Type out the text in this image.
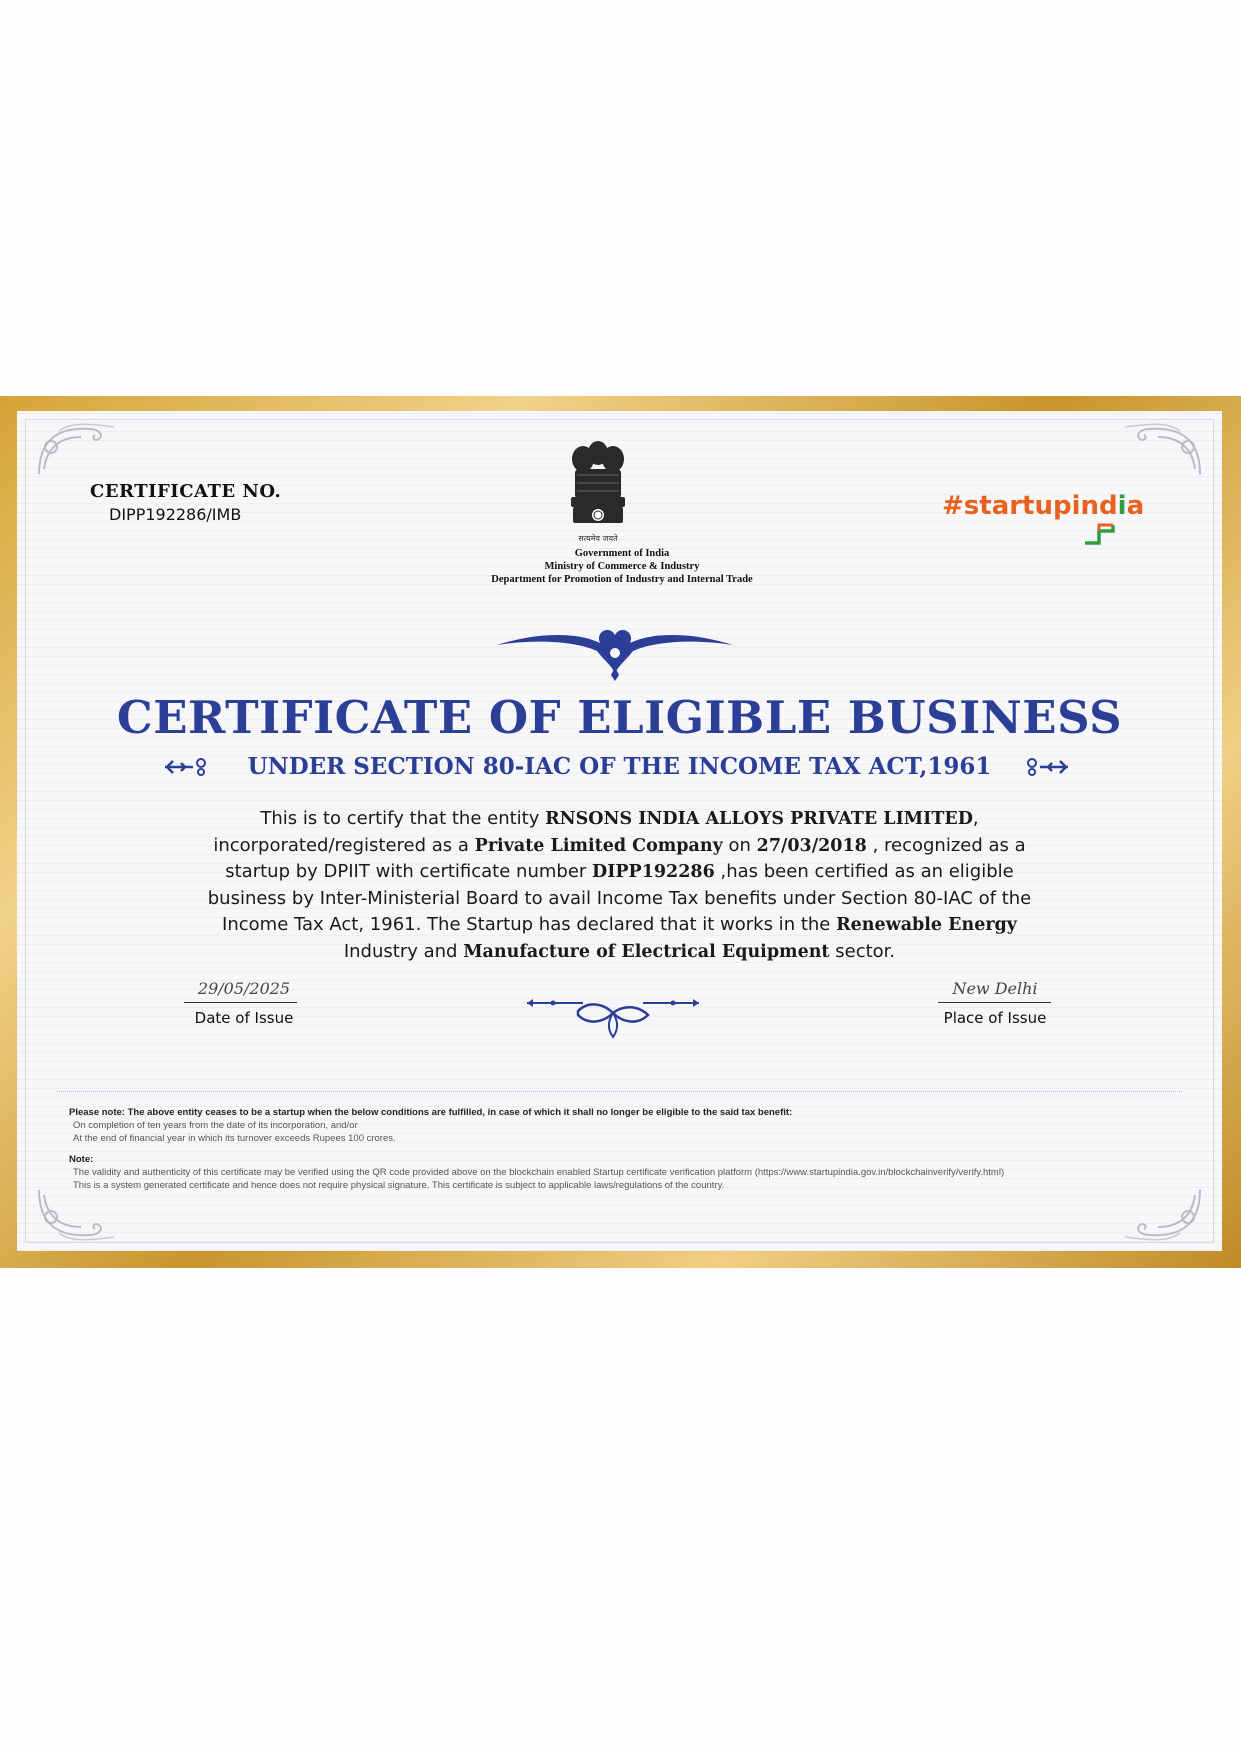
CERTIFICATE NO.
DIPP192286/IMB
सत्यमेव जयते
Government of India
Ministry of Commerce & Industry
Department for Promotion of Industry and Internal Trade
#startupindia
CERTIFICATE OF ELIGIBLE BUSINESS
UNDER SECTION 80-IAC OF THE INCOME TAX ACT,1961
This is to certify that the entity RNSONS INDIA ALLOYS PRIVATE LIMITED, incorporated/registered as a Private Limited Company on 27/03/2018 , recognized as a startup by DPIIT with certificate number DIPP192286 ,has been certified as an eligible business by Inter-Ministerial Board to avail Income Tax benefits under Section 80-IAC of the Income Tax Act, 1961. The Startup has declared that it works in the Renewable Energy Industry and Manufacture of Electrical Equipment sector.
29/05/2025
Date of Issue
New Delhi
Place of Issue
Please note: The above entity ceases to be a startup when the below conditions are fulfilled, in case of which it shall no longer be eligible to the said tax benefit:
On completion of ten years from the date of its incorporation, and/or
At the end of financial year in which its turnover exceeds Rupees 100 crores.
Note:
The validity and authenticity of this certificate may be verified using the QR code provided above on the blockchain enabled Startup certificate verification platform (https://www.startupindia.gov.in/blockchainverify/verify.html)
This is a system generated certificate and hence does not require physical signature. This certificate is subject to applicable laws/regulations of the country.
